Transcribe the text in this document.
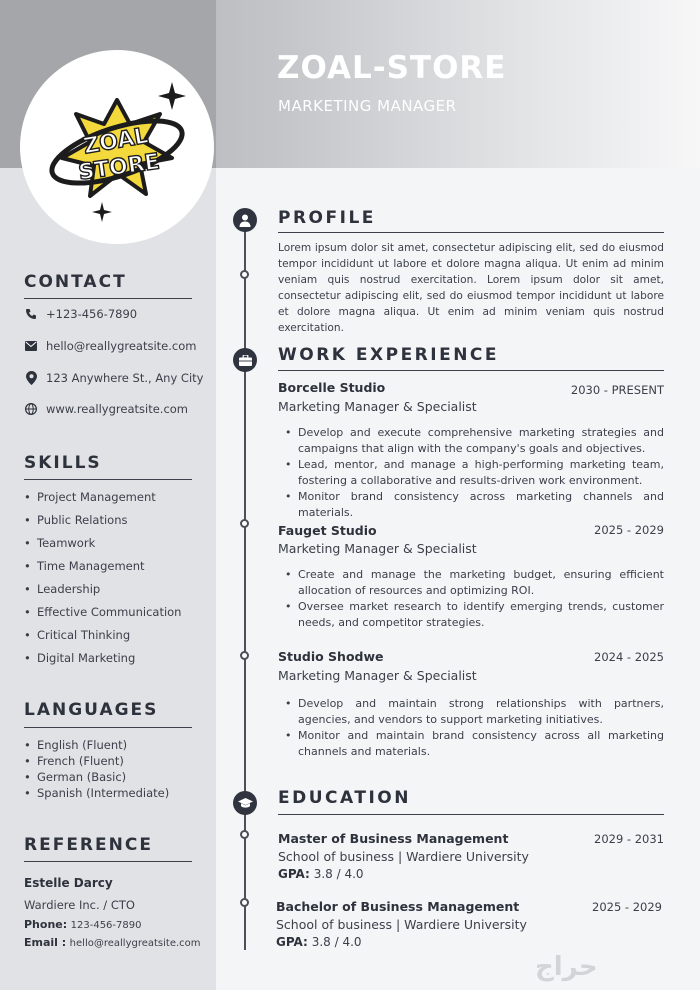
ZOAL
STORE
ZOAL-STORE
MARKETING MANAGER
CONTACT
+123-456-7890
hello@reallygreatsite.com
123 Anywhere St., Any City
www.reallygreatsite.com
SKILLS
• Project Management
• Public Relations
• Teamwork
• Time Management
• Leadership
• Effective Communication
• Critical Thinking
• Digital Marketing
LANGUAGES
• English (Fluent)
• French (Fluent)
• German (Basic)
• Spanish (Intermediate)
REFERENCE
Estelle Darcy
Wardiere Inc. / CTO
Phone: 123-456-7890
Email : hello@reallygreatsite.com
PROFILE
Lorem ipsum dolor sit amet, consectetur adipiscing elit, sed do eiusmod tempor incididunt ut labore et dolore magna aliqua. Ut enim ad minim veniam quis nostrud exercitation. Lorem ipsum dolor sit amet, consectetur adipiscing elit, sed do eiusmod tempor incididunt ut labore et dolore magna aliqua. Ut enim ad minim veniam quis nostrud exercitation.
WORK EXPERIENCE
Borcelle Studio	2030 - PRESENT
Marketing Manager & Specialist
• Develop and execute comprehensive marketing strategies and campaigns that align with the company's goals and objectives.
• Lead, mentor, and manage a high-performing marketing team, fostering a collaborative and results-driven work environment.
• Monitor brand consistency across marketing channels and materials.
Fauget Studio	2025 - 2029
Marketing Manager & Specialist
• Create and manage the marketing budget, ensuring efficient allocation of resources and optimizing ROI.
• Oversee market research to identify emerging trends, customer needs, and competitor strategies.
Studio Shodwe	2024 - 2025
Marketing Manager & Specialist
• Develop and maintain strong relationships with partners, agencies, and vendors to support marketing initiatives.
• Monitor and maintain brand consistency across all marketing channels and materials.
EDUCATION
Master of Business Management	2029 - 2031
School of business | Wardiere University
GPA: 3.8 / 4.0
Bachelor of Business Management	2025 - 2029
School of business | Wardiere University
GPA: 3.8 / 4.0
حراج
